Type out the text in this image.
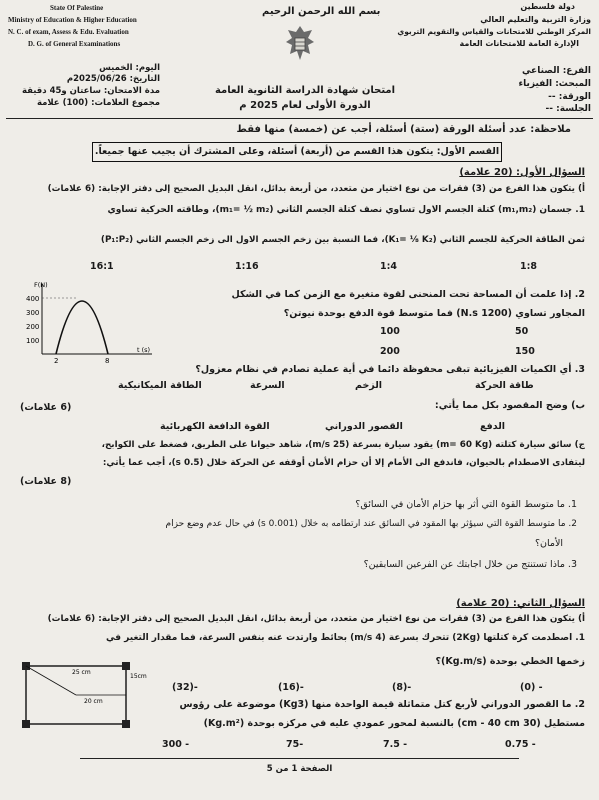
State Of Palestine
Ministry of Education & Higher Education
N. C. of exam, Assess & Edu. Evaluation
D. G. of General Examinations
دولة فلسطين
وزارة التربية والتعليم العالي
المركز الوطني للامتحانات والقياس والتقويم التربوي
الإدارة العامة للامتحانات العامة
بسم الله الرحمن الرحيم
اليوم: الخميس
التاريخ: 2025/06/26م
مدة الامتحان: ساعتان و45 دقيقة
مجموع العلامات: (100) علامة
امتحان شهادة الدراسة الثانوية العامة
الدورة الأولى لعام 2025 م
الفرع: الصناعي
المبحث: الفيزياء
الورقة: --
الجلسة: --
ملاحظة: عدد أسئلة الورقة (ستة) أسئلة، أجب عن (خمسة) منها فقط
القسم الأول: يتكون هذا القسم من (أربعة) أسئلة، وعلى المشترك أن يجيب عنها جميعاً.
السؤال الأول: (20 علامة)
أ) يتكون هذا الفرع من (3) فقرات من نوع اختيار من متعدد، من أربعة بدائل، انقل البديل الصحيح إلى دفتر الإجابة: (6 علامات)
1. جسمان (m₁,m₂) كتلة الجسم الاول تساوي نصف كتلة الجسم الثاني (m₁= ½ m₂)، وطاقته الحركية تساوي
ثمن الطاقة الحركية للجسم الثاني (K₁= ⅛ K₂)، فما النسبة بين زخم الجسم الاول الى زخم الجسم الثاني (P₁:P₂)
16:1	1:16	1:4	1:8
F(N)
t (s)
400
300
200
100
2	8
2. إذا علمت أن المساحة تحت المنحنى لقوة متغيرة مع الزمن كما في الشكل
المجاور تساوي (1200 N.s) فما متوسط قوة الدفع بوحدة نيوتن؟
100	50
200	150
3. أي الكميات الفيزيائية تبقى محفوظة دائما في أية عملية تصادم في نظام معزول؟
الطاقة الميكانيكية	السرعة	الزخم	طاقة الحركة
ب) وضح المقصود بكل مما يأتي:
(6 علامات)
القوة الدافعة الكهربائية	القصور الدوراني	الدفع
ج) سائق سيارة كتلته (m= 60 Kg) يقود سيارة بسرعة (25 m/s)، شاهد حيوانا على الطريق، فضغط على الكوابح،
ليتفادى الاصطدام بالحيوان، فاندفع الى الأمام إلا أن حزام الأمان أوقفه عن الحركة خلال (0.5 s)، أجب عما يأتي:
(8 علامات)
1. ما متوسط القوة التي أثر بها حزام الأمان في السائق؟
2. ما متوسط القوة التي سيؤثر بها المقود في السائق عند ارتطامه به خلال (0.001 s) في حال عدم وضع حزام
الأمان؟
3. ماذا تستنتج من خلال اجابتك عن الفرعين السابقين؟
السؤال الثاني: (20 علامة)
أ) يتكون هذا الفرع من (3) فقرات من نوع اختيار من متعدد، من أربعة بدائل، انقل البديل الصحيح إلى دفتر الإجابة: (6 علامات)
1. اصطدمت كرة كتلتها (2Kg) تتحرك بسرعة (4 m/s) بحائط وارتدت عنه بنفس السرعة، فما مقدار التغير في
زخمها الخطي بوحدة (Kg.m/s)؟
25 cm
15cm
20 cm
(32)-	(16)-	(8)-	(0) -
2. ما القصور الدوراني لأربع كتل متماثلة قيمة الواحدة منها (Kg3) موضوعة على رؤوس
مستطيل (30 cm - 40 cm) بالنسبة لمحور عمودي عليه في مركزه بوحدة (Kg.m²)
300 -	75-	7.5 -	0.75 -
الصفحة 1 من 5
